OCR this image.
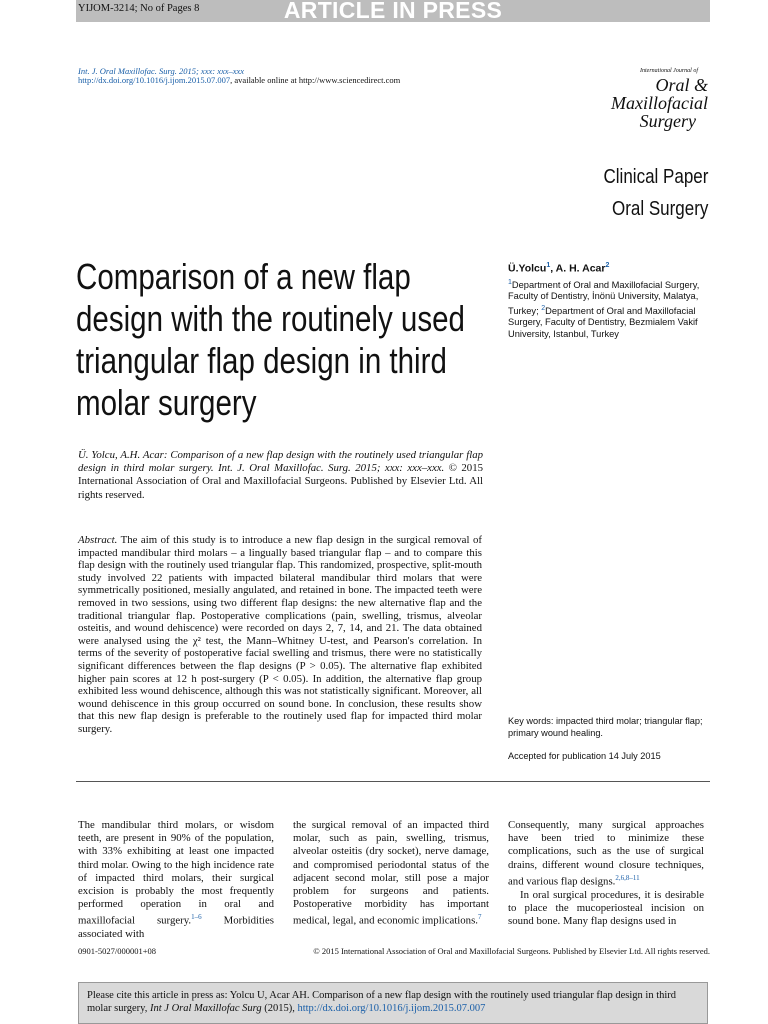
ARTICLE IN PRESS
YIJOM-3214; No of Pages 8
Int. J. Oral Maxillofac. Surg. 2015; xxx: xxx–xxx
http://dx.doi.org/10.1016/j.ijom.2015.07.007, available online at http://www.sciencedirect.com
International Journal of
Oral &
Maxillofacial
Surgery
Clinical Paper
Oral Surgery
Comparison of a new flap design with the routinely used triangular flap design in third molar surgery
Ü.Yolcu$^1$, A. H. Acar$^2$
$^1$Department of Oral and Maxillofacial Surgery, Faculty of Dentistry, İnönü University, Malatya, Turkey; $^2$Department of Oral and Maxillofacial Surgery, Faculty of Dentistry, Bezmialem Vakif University, Istanbul, Turkey
Ü. Yolcu, A.H. Acar: Comparison of a new flap design with the routinely used triangular flap design in third molar surgery. Int. J. Oral Maxillofac. Surg. 2015; xxx: xxx–xxx. © 2015 International Association of Oral and Maxillofacial Surgeons. Published by Elsevier Ltd. All rights reserved.
Abstract. The aim of this study is to introduce a new flap design in the surgical removal of impacted mandibular third molars – a lingually based triangular flap – and to compare this flap design with the routinely used triangular flap. This randomized, prospective, split-mouth study involved 22 patients with impacted bilateral mandibular third molars that were symmetrically positioned, mesially angulated, and retained in bone. The impacted teeth were removed in two sessions, using two different flap designs: the new alternative flap and the traditional triangular flap. Postoperative complications (pain, swelling, trismus, alveolar osteitis, and wound dehiscence) were recorded on days 2, 7, 14, and 21. The data obtained were analysed using the χ² test, the Mann–Whitney U-test, and Pearson's correlation. In terms of the severity of postoperative facial swelling and trismus, there were no statistically significant differences between the flap designs (P > 0.05). The alternative flap exhibited higher pain scores at 12 h post-surgery (P < 0.05). In addition, the alternative flap group exhibited less wound dehiscence, although this was not statistically significant. Moreover, all wound dehiscence in this group occurred on sound bone. In conclusion, these results show that this new flap design is preferable to the routinely used flap for impacted third molar surgery.
Key words: impacted third molar; triangular flap; primary wound healing.
Accepted for publication 14 July 2015
The mandibular third molars, or wisdom teeth, are present in 90% of the population, with 33% exhibiting at least one impacted third molar. Owing to the high incidence rate of impacted third molars, their surgical excision is probably the most frequently performed operation in oral and maxillofacial surgery.$^{1-6}$ Morbidities associated with
the surgical removal of an impacted third molar, such as pain, swelling, trismus, alveolar osteitis (dry socket), nerve damage, and compromised periodontal status of the adjacent second molar, still pose a major problem for surgeons and patients. Postoperative morbidity has important medical, legal, and economic implications.$^7$
Consequently, many surgical approaches have been tried to minimize these complications, such as the use of surgical drains, different wound closure techniques, and various flap designs.$^{2,6,8-11}$
In oral surgical procedures, it is desirable to place the mucoperiosteal incision on sound bone. Many flap designs used in
0901-5027/000001+08	© 2015 International Association of Oral and Maxillofacial Surgeons. Published by Elsevier Ltd. All rights reserved.
Please cite this article in press as: Yolcu U, Acar AH. Comparison of a new flap design with the routinely used triangular flap design in third molar surgery, Int J Oral Maxillofac Surg (2015), http://dx.doi.org/10.1016/j.ijom.2015.07.007
